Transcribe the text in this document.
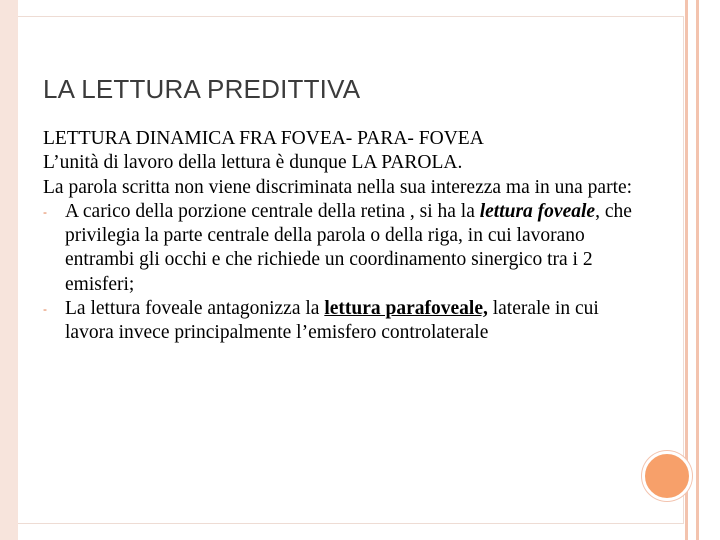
LA LETTURA PREDITTIVA

LETTURA DINAMICA FRA FOVEA- PARA- FOVEA

L’unità di lavoro della lettura è dunque LA PAROLA.

La parola scritta non viene discriminata nella sua interezza ma in una parte:

- A carico della porzione centrale della retina , si ha la lettura foveale, che privilegia la parte centrale della parola o della riga, in cui lavorano entrambi gli occhi e che richiede un coordinamento sinergico tra i 2 emisferi;

- La lettura foveale antagonizza la lettura parafoveale, laterale in cui lavora invece principalmente l’emisfero controlaterale
